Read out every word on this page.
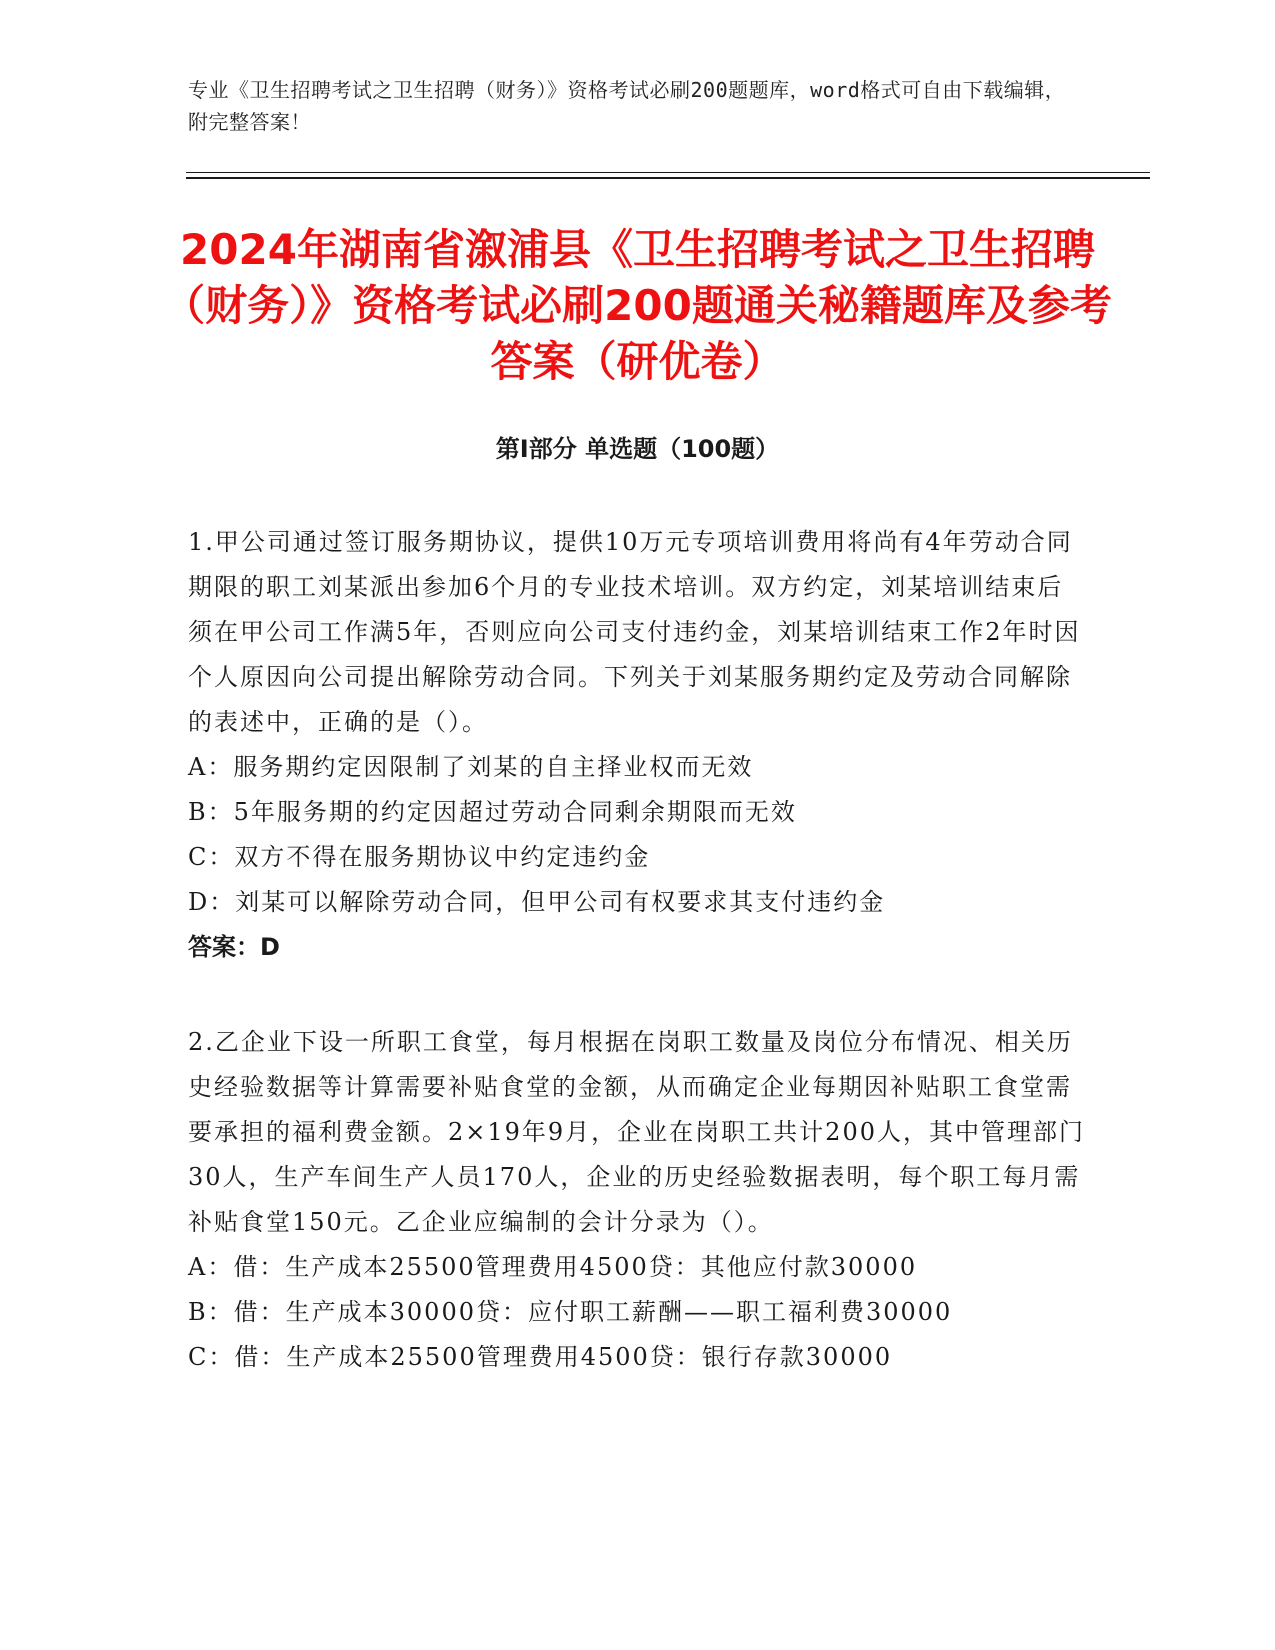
专业《卫生招聘考试之卫生招聘（财务）》资格考试必刷200题题库，word格式可自由下载编辑，附完整答案！

2024年湖南省溆浦县《卫生招聘考试之卫生招聘（财务）》资格考试必刷200题通关秘籍题库及参考答案（研优卷）
第I部分 单选题（100题）

1.甲公司通过签订服务期协议，提供10万元专项培训费用将尚有4年劳动合同期限的职工刘某派出参加6个月的专业技术培训。双方约定，刘某培训结束后须在甲公司工作满5年，否则应向公司支付违约金，刘某培训结束工作2年时因个人原因向公司提出解除劳动合同。下列关于刘某服务期约定及劳动合同解除的表述中，正确的是（）。

A：服务期约定因限制了刘某的自主择业权而无效

B：5年服务期的约定因超过劳动合同剩余期限而无效

C：双方不得在服务期协议中约定违约金

D：刘某可以解除劳动合同，但甲公司有权要求其支付违约金

答案：D

2.乙企业下设一所职工食堂，每月根据在岗职工数量及岗位分布情况、相关历史经验数据等计算需要补贴食堂的金额，从而确定企业每期因补贴职工食堂需要承担的福利费金额。2×19年9月，企业在岗职工共计200人，其中管理部门30人，生产车间生产人员170人，企业的历史经验数据表明，每个职工每月需补贴食堂150元。乙企业应编制的会计分录为（）。

A：借：生产成本25500管理费用4500贷：其他应付款30000

B：借：生产成本30000贷：应付职工薪酬——职工福利费30000

C：借：生产成本25500管理费用4500贷：银行存款30000
